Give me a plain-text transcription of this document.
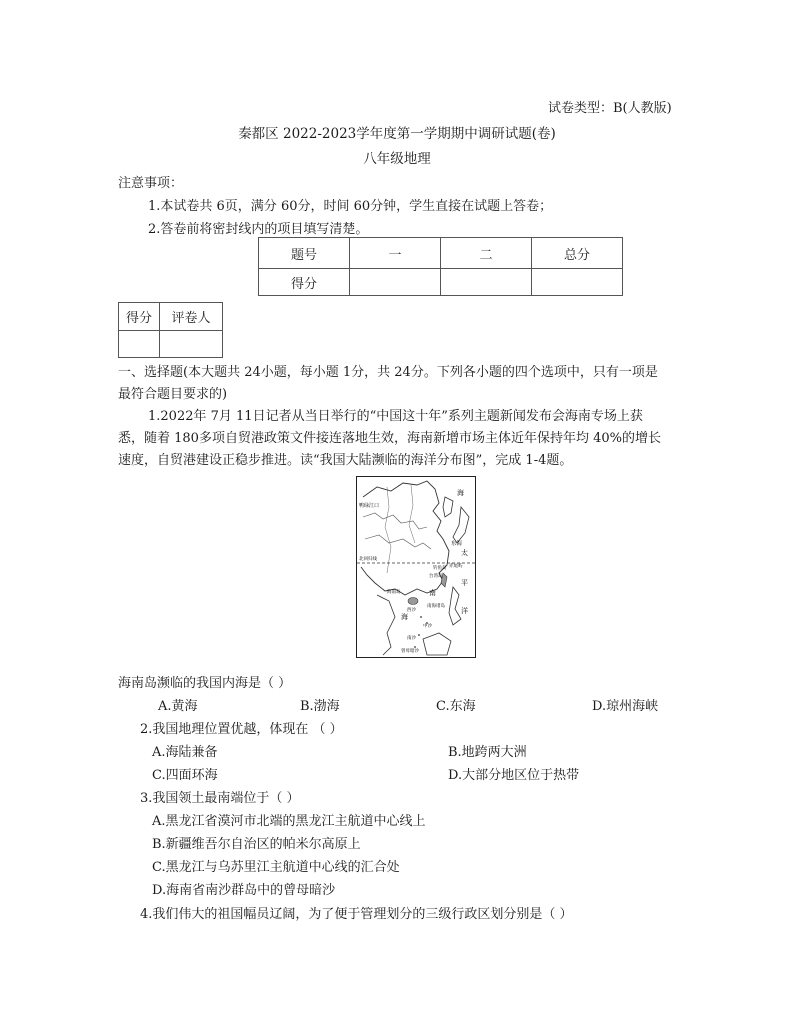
试卷类型：B(人教版)
秦都区 2022-2023学年度第一学期期中调研试题(卷)
八年级地理
注意事项：
1.本试卷共 6页，满分 60分，时间 60分钟，学生直接在试题上答卷；
2.答卷前将密封线内的项目填写清楚。
题号	一	二	总分
得分			
得分	评卷人

一、选择题(本大题共 24小题，每小题 1分，共 24分。下列各小题的四个选项中，只有一项是
最符合题目要求的)
1.2022年 7月 11日记者从当日举行的“中国这十年”系列主题新闻发布会海南专场上获
悉，随着 180多项自贸港政策文件接连落地生效，海南新增市场主体近年保持年均 40%的增长
速度，自贸港建设正稳步推进。读“我国大陆濒临的海洋分布图”，完成 1-4题。
鸭绿江口
海
东海
太
平
洋
南
海
北回归线
台湾岛
海南岛
南海诸岛
钓鱼岛 赤尾屿
西沙
中沙
南沙
曾母暗沙
海南岛濒临的我国内海是（ ）
A.黄海	B.渤海	C.东海	D.琼州海峡
2.我国地理位置优越，体现在 （ ）
A.海陆兼备	B.地跨两大洲
C.四面环海	D.大部分地区位于热带
3.我国领土最南端位于（ ）
A.黑龙江省漠河市北端的黑龙江主航道中心线上
B.新疆维吾尔自治区的帕米尔高原上
C.黑龙江与乌苏里江主航道中心线的汇合处
D.海南省南沙群岛中的曾母暗沙
4.我们伟大的祖国幅员辽阔，为了便于管理划分的三级行政区划分别是（ ）
